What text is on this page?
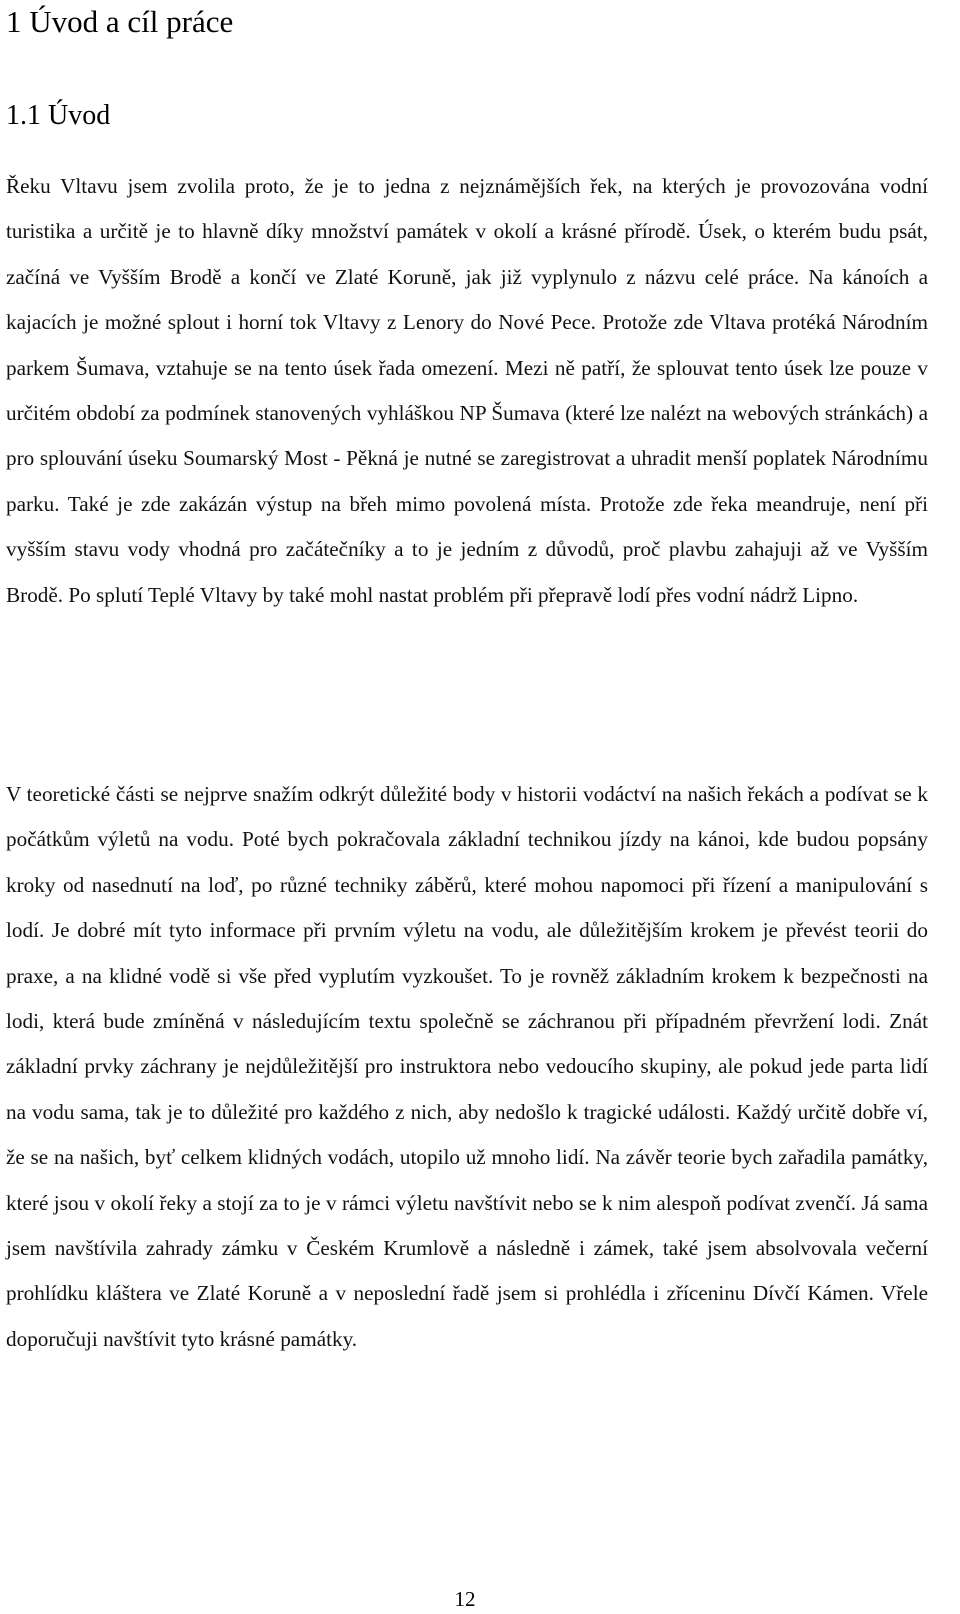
1 Úvod a cíl práce
1.1 Úvod

Řeku Vltavu jsem zvolila proto, že je to jedna z nejznámějších řek, na kterých je provozována vodní turistika a určitě je to hlavně díky množství památek v okolí a krásné přírodě. Úsek, o kterém budu psát, začíná ve Vyšším Brodě a končí ve Zlaté Koruně, jak již vyplynulo z názvu celé práce. Na kánoích a kajacích je možné splout i horní tok Vltavy z Lenory do Nové Pece. Protože zde Vltava protéká Národním parkem Šumava, vztahuje se na tento úsek řada omezení. Mezi ně patří, že splouvat tento úsek lze pouze v určitém období za podmínek stanovených vyhláškou NP Šumava (které lze nalézt na webových stránkách) a pro splouvání úseku Soumarský Most - Pěkná je nutné se zaregistrovat a uhradit menší poplatek Národnímu parku. Také je zde zakázán výstup na břeh mimo povolená místa. Protože zde řeka meandruje, není při vyšším stavu vody vhodná pro začátečníky a to je jedním z důvodů, proč plavbu zahajuji až ve Vyšším Brodě. Po splutí Teplé Vltavy by také mohl nastat problém při přepravě lodí přes vodní nádrž Lipno.

V teoretické části se nejprve snažím odkrýt důležité body v historii vodáctví na našich řekách a podívat se k počátkům výletů na vodu. Poté bych pokračovala základní technikou jízdy na kánoi, kde budou popsány kroky od nasednutí na loď, po různé techniky záběrů, které mohou napomoci při řízení a manipulování s lodí. Je dobré mít tyto informace při prvním výletu na vodu, ale důležitějším krokem je převést teorii do praxe, a na klidné vodě si vše před vyplutím vyzkoušet. To je rovněž základním krokem k bezpečnosti na lodi, která bude zmíněná v následujícím textu společně se záchranou při případném převržení lodi. Znát základní prvky záchrany je nejdůležitější pro instruktora nebo vedoucího skupiny, ale pokud jede parta lidí na vodu sama, tak je to důležité pro každého z nich, aby nedošlo k tragické události. Každý určitě dobře ví, že se na našich, byť celkem klidných vodách, utopilo už mnoho lidí. Na závěr teorie bych zařadila památky, které jsou v okolí řeky a stojí za to je v rámci výletu navštívit nebo se k nim alespoň podívat zvenčí. Já sama jsem navštívila zahrady zámku v Českém Krumlově a následně i zámek, také jsem absolvovala večerní prohlídku kláštera ve Zlaté Koruně a v neposlední řadě jsem si prohlédla i zříceninu Dívčí Kámen. Vřele doporučuji navštívit tyto krásné památky.

12
